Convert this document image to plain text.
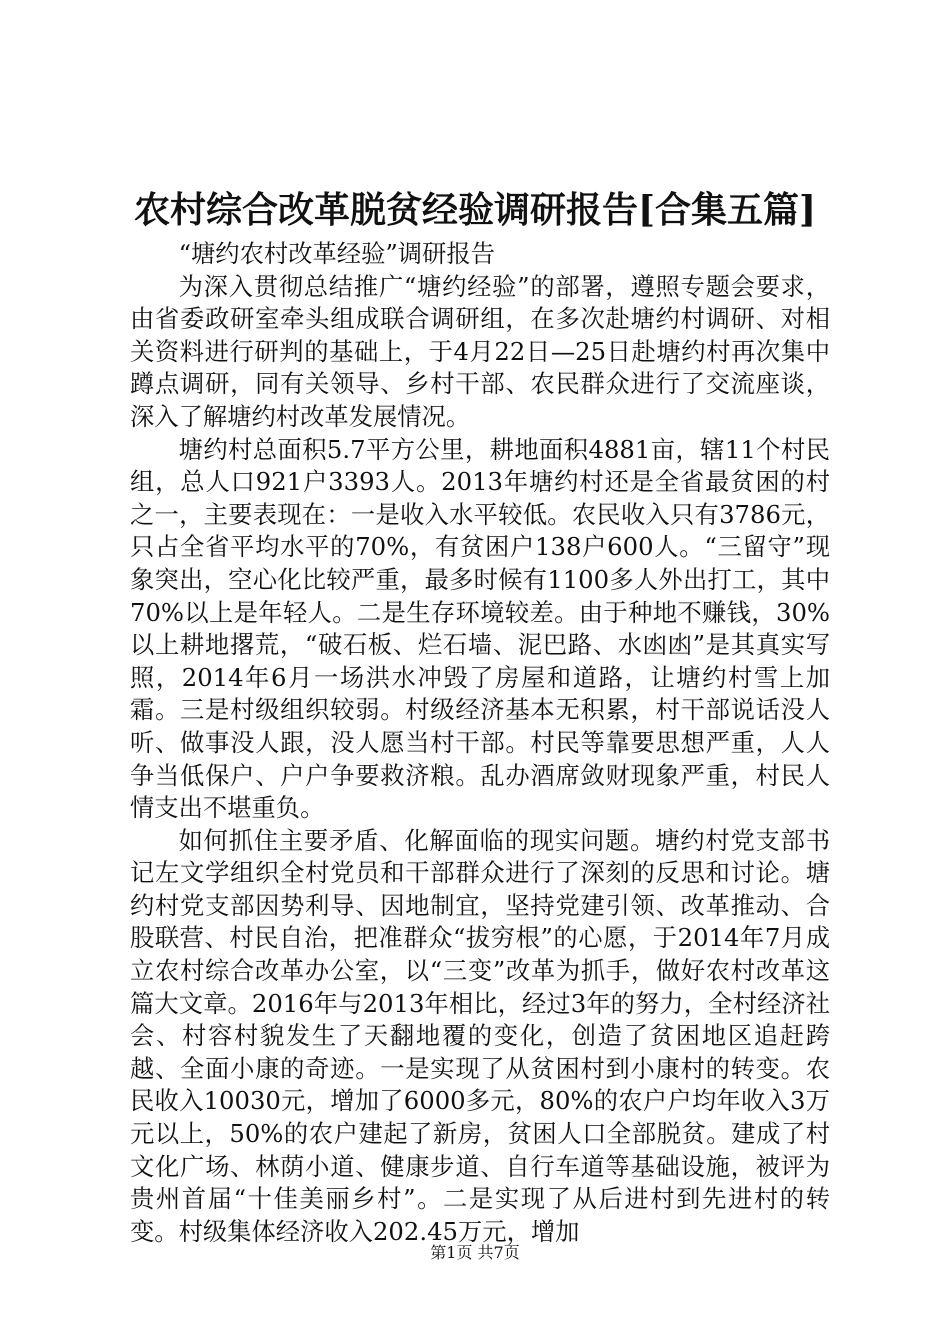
农村综合改革脱贫经验调研报告[合集五篇]

“塘约农村改革经验”调研报告

为深入贯彻总结推广“塘约经验”的部署，遵照专题会要求，由省委政研室牵头组成联合调研组，在多次赴塘约村调研、对相关资料进行研判的基础上，于4月22日—25日赴塘约村再次集中蹲点调研，同有关领导、乡村干部、农民群众进行了交流座谈，深入了解塘约村改革发展情况。

塘约村总面积5.7平方公里，耕地面积4881亩，辖11个村民组，总人口921户3393人。2013年塘约村还是全省最贫困的村之一，主要表现在：一是收入水平较低。农民收入只有3786元，只占全省平均水平的70%，有贫困户138户600人。“三留守”现象突出，空心化比较严重，最多时候有1100多人外出打工，其中70%以上是年轻人。二是生存环境较差。由于种地不赚钱，30%以上耕地撂荒，“破石板、烂石墙、泥巴路、水凼凼”是其真实写照，2014年6月一场洪水冲毁了房屋和道路，让塘约村雪上加霜。三是村级组织较弱。村级经济基本无积累，村干部说话没人听、做事没人跟，没人愿当村干部。村民等靠要思想严重，人人争当低保户、户户争要救济粮。乱办酒席敛财现象严重，村民人情支出不堪重负。

如何抓住主要矛盾、化解面临的现实问题。塘约村党支部书记左文学组织全村党员和干部群众进行了深刻的反思和讨论。塘约村党支部因势利导、因地制宜，坚持党建引领、改革推动、合股联营、村民自治，把准群众“拔穷根”的心愿，于2014年7月成立农村综合改革办公室，以“三变”改革为抓手，做好农村改革这篇大文章。2016年与2013年相比，经过3年的努力，全村经济社会、村容村貌发生了天翻地覆的变化，创造了贫困地区追赶跨越、全面小康的奇迹。一是实现了从贫困村到小康村的转变。农民收入10030元，增加了6000多元，80%的农户户均年收入3万元以上，50%的农户建起了新房，贫困人口全部脱贫。建成了村文化广场、林荫小道、健康步道、自行车道等基础设施，被评为贵州首届“十佳美丽乡村”。二是实现了从后进村到先进村的转变。村级集体经济收入202.45万元，增加

第1页 共7页
